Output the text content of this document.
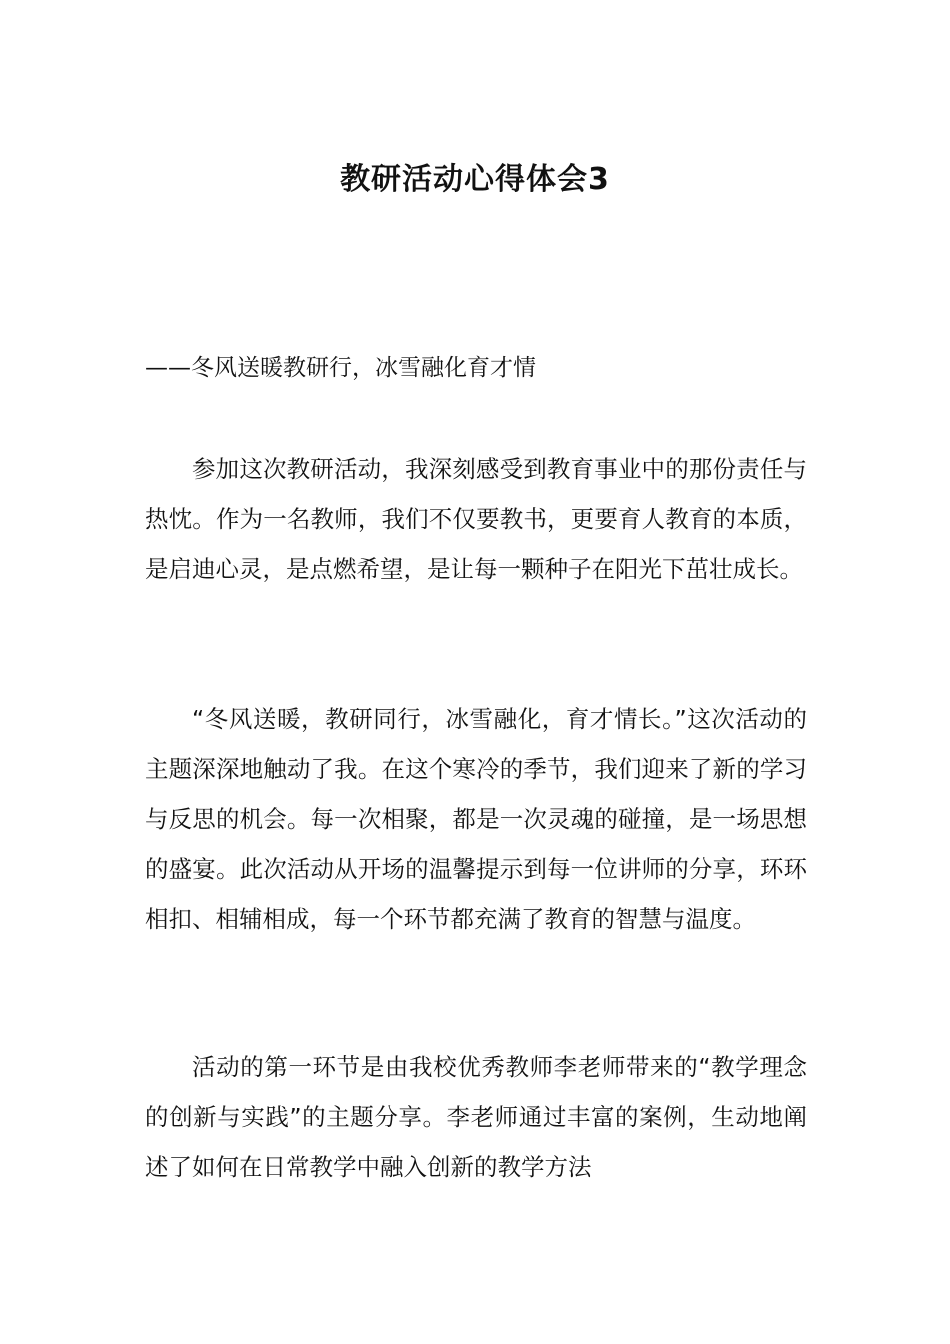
教研活动心得体会3
——冬风送暖教研行，冰雪融化育才情

参加这次教研活动，我深刻感受到教育事业中的那份责任与热忱。作为一名教师，我们不仅要教书，更要育人教育的本质，是启迪心灵，是点燃希望，是让每一颗种子在阳光下茁壮成长。

“冬风送暖，教研同行，冰雪融化，育才情长。”这次活动的主题深深地触动了我。在这个寒冷的季节，我们迎来了新的学习与反思的机会。每一次相聚，都是一次灵魂的碰撞，是一场思想的盛宴。此次活动从开场的温馨提示到每一位讲师的分享，环环相扣、相辅相成，每一个环节都充满了教育的智慧与温度。

活动的第一环节是由我校优秀教师李老师带来的“教学理念的创新与实践”的主题分享。李老师通过丰富的案例，生动地阐述了如何在日常教学中融入创新的教学方法
